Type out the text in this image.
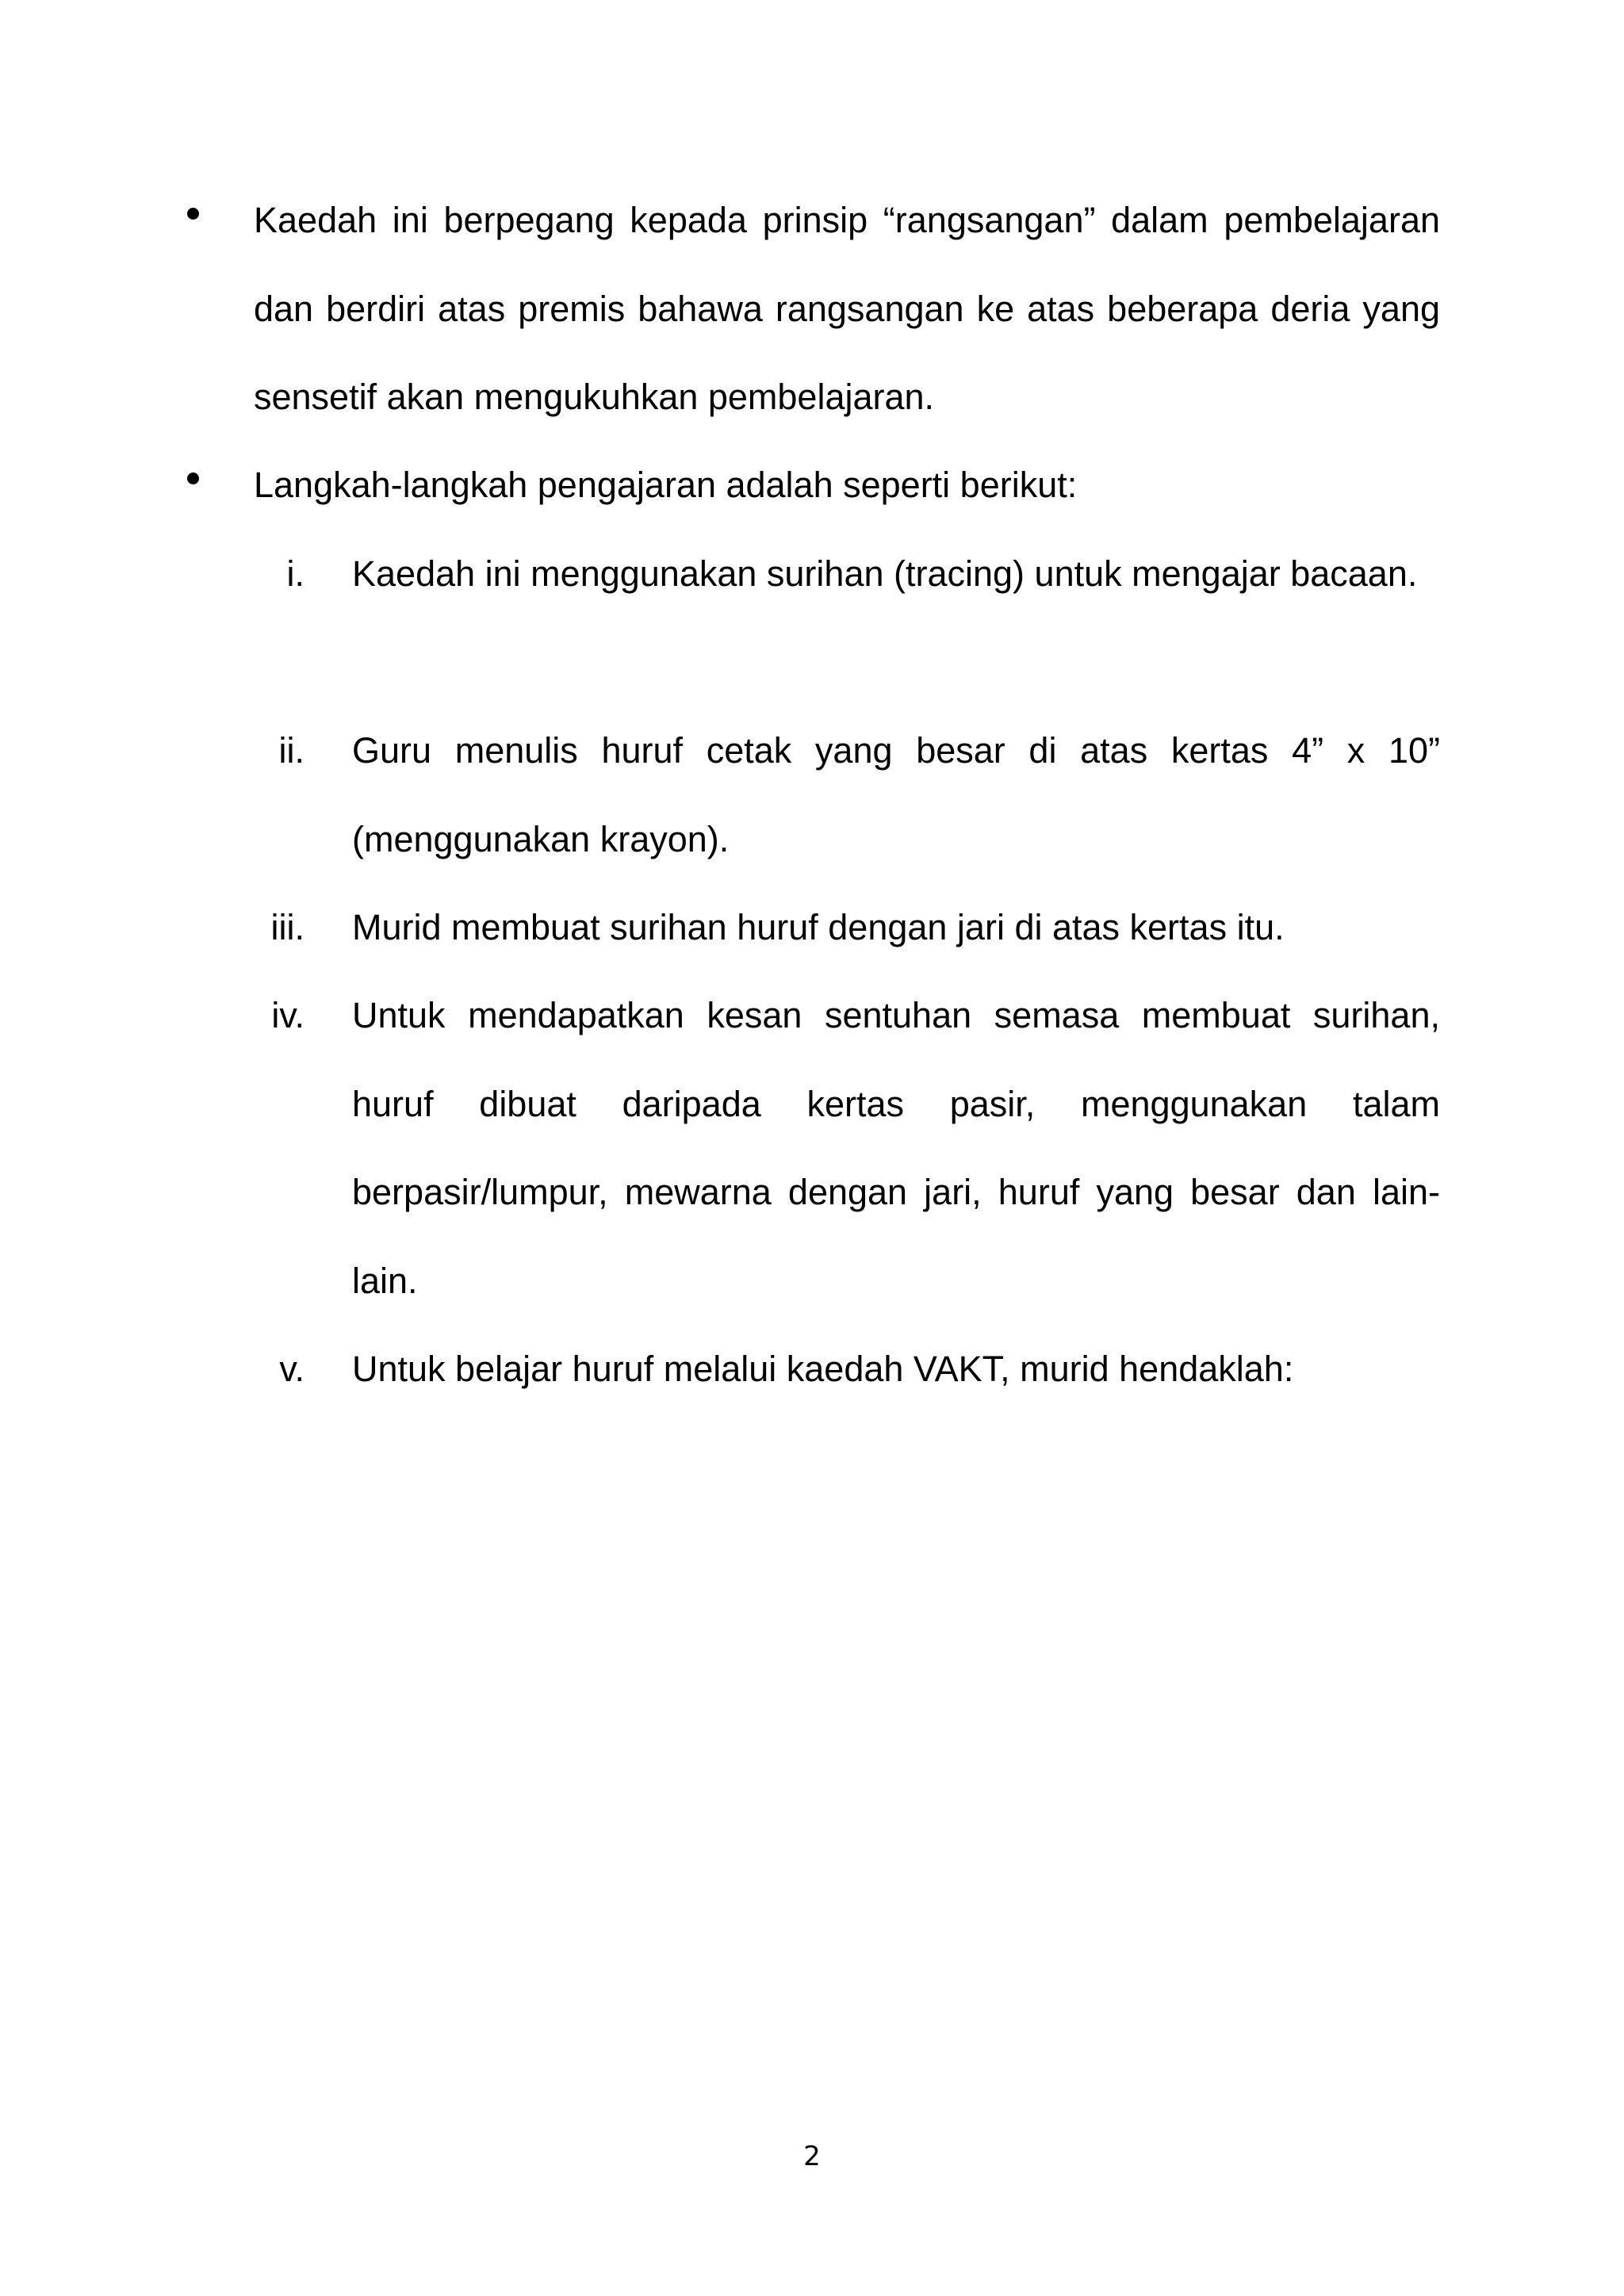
Kaedah ini berpegang kepada prinsip “rangsangan” dalam pembelajaran dan berdiri atas premis bahawa rangsangan ke atas beberapa deria yang sensetif akan mengukuhkan pembelajaran.
Langkah-langkah pengajaran adalah seperti berikut:
i. Kaedah ini menggunakan surihan (tracing) untuk mengajar bacaan.
ii. Guru menulis huruf cetak yang besar di atas kertas 4” x 10” (menggunakan krayon).
iii. Murid membuat surihan huruf dengan jari di atas kertas itu.
iv. Untuk mendapatkan kesan sentuhan semasa membuat surihan, huruf dibuat daripada kertas pasir, menggunakan talam berpasir/lumpur, mewarna dengan jari, huruf yang besar dan lain-lain.
v. Untuk belajar huruf melalui kaedah VAKT, murid hendaklah:
2
